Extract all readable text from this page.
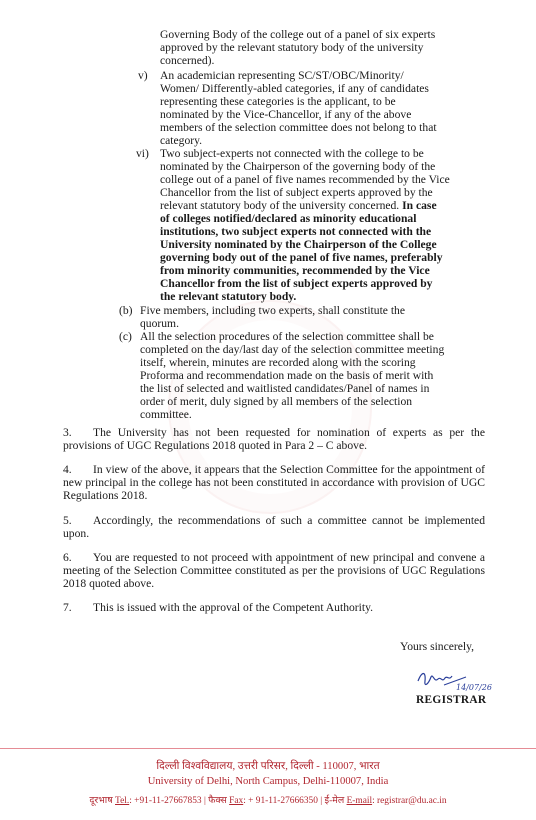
Governing Body of the college out of a panel of six experts
approved by the relevant statutory body of the university
concerned).
v) An academician representing SC/ST/OBC/Minority/
Women/ Differently-abled categories, if any of candidates
representing these categories is the applicant, to be
nominated by the Vice-Chancellor, if any of the above
members of the selection committee does not belong to that
category.
vi) Two subject-experts not connected with the college to be
nominated by the Chairperson of the governing body of the
college out of a panel of five names recommended by the Vice
Chancellor from the list of subject experts approved by the
relevant statutory body of the university concerned. In case
of colleges notified/declared as minority educational
institutions, two subject experts not connected with the
University nominated by the Chairperson of the College
governing body out of the panel of five names, preferably
from minority communities, recommended by the Vice
Chancellor from the list of subject experts approved by
the relevant statutory body.
(b) Five members, including two experts, shall constitute the
quorum.
(c) All the selection procedures of the selection committee shall be
completed on the day/last day of the selection committee meeting
itself, wherein, minutes are recorded along with the scoring
Proforma and recommendation made on the basis of merit with
the list of selected and waitlisted candidates/Panel of names in
order of merit, duly signed by all members of the selection
committee.
3. The University has not been requested for nomination of experts as per the provisions of UGC Regulations 2018 quoted in Para 2 – C above.
4. In view of the above, it appears that the Selection Committee for the appointment of new principal in the college has not been constituted in accordance with provision of UGC Regulations 2018.
5. Accordingly, the recommendations of such a committee cannot be implemented upon.
6. You are requested to not proceed with appointment of new principal and convene a meeting of the Selection Committee constituted as per the provisions of UGC Regulations 2018 quoted above.
7. This is issued with the approval of the Competent Authority.
Yours sincerely,
14/07/26
REGISTRAR
दिल्ली विश्वविद्यालय, उत्तरी परिसर, दिल्ली - 110007, भारत
University of Delhi, North Campus, Delhi-110007, India
दूरभाष Tel.: +91-11-27667853 | फैक्स Fax: + 91-11-27666350 | ई-मेल E-mail: registrar@du.ac.in
